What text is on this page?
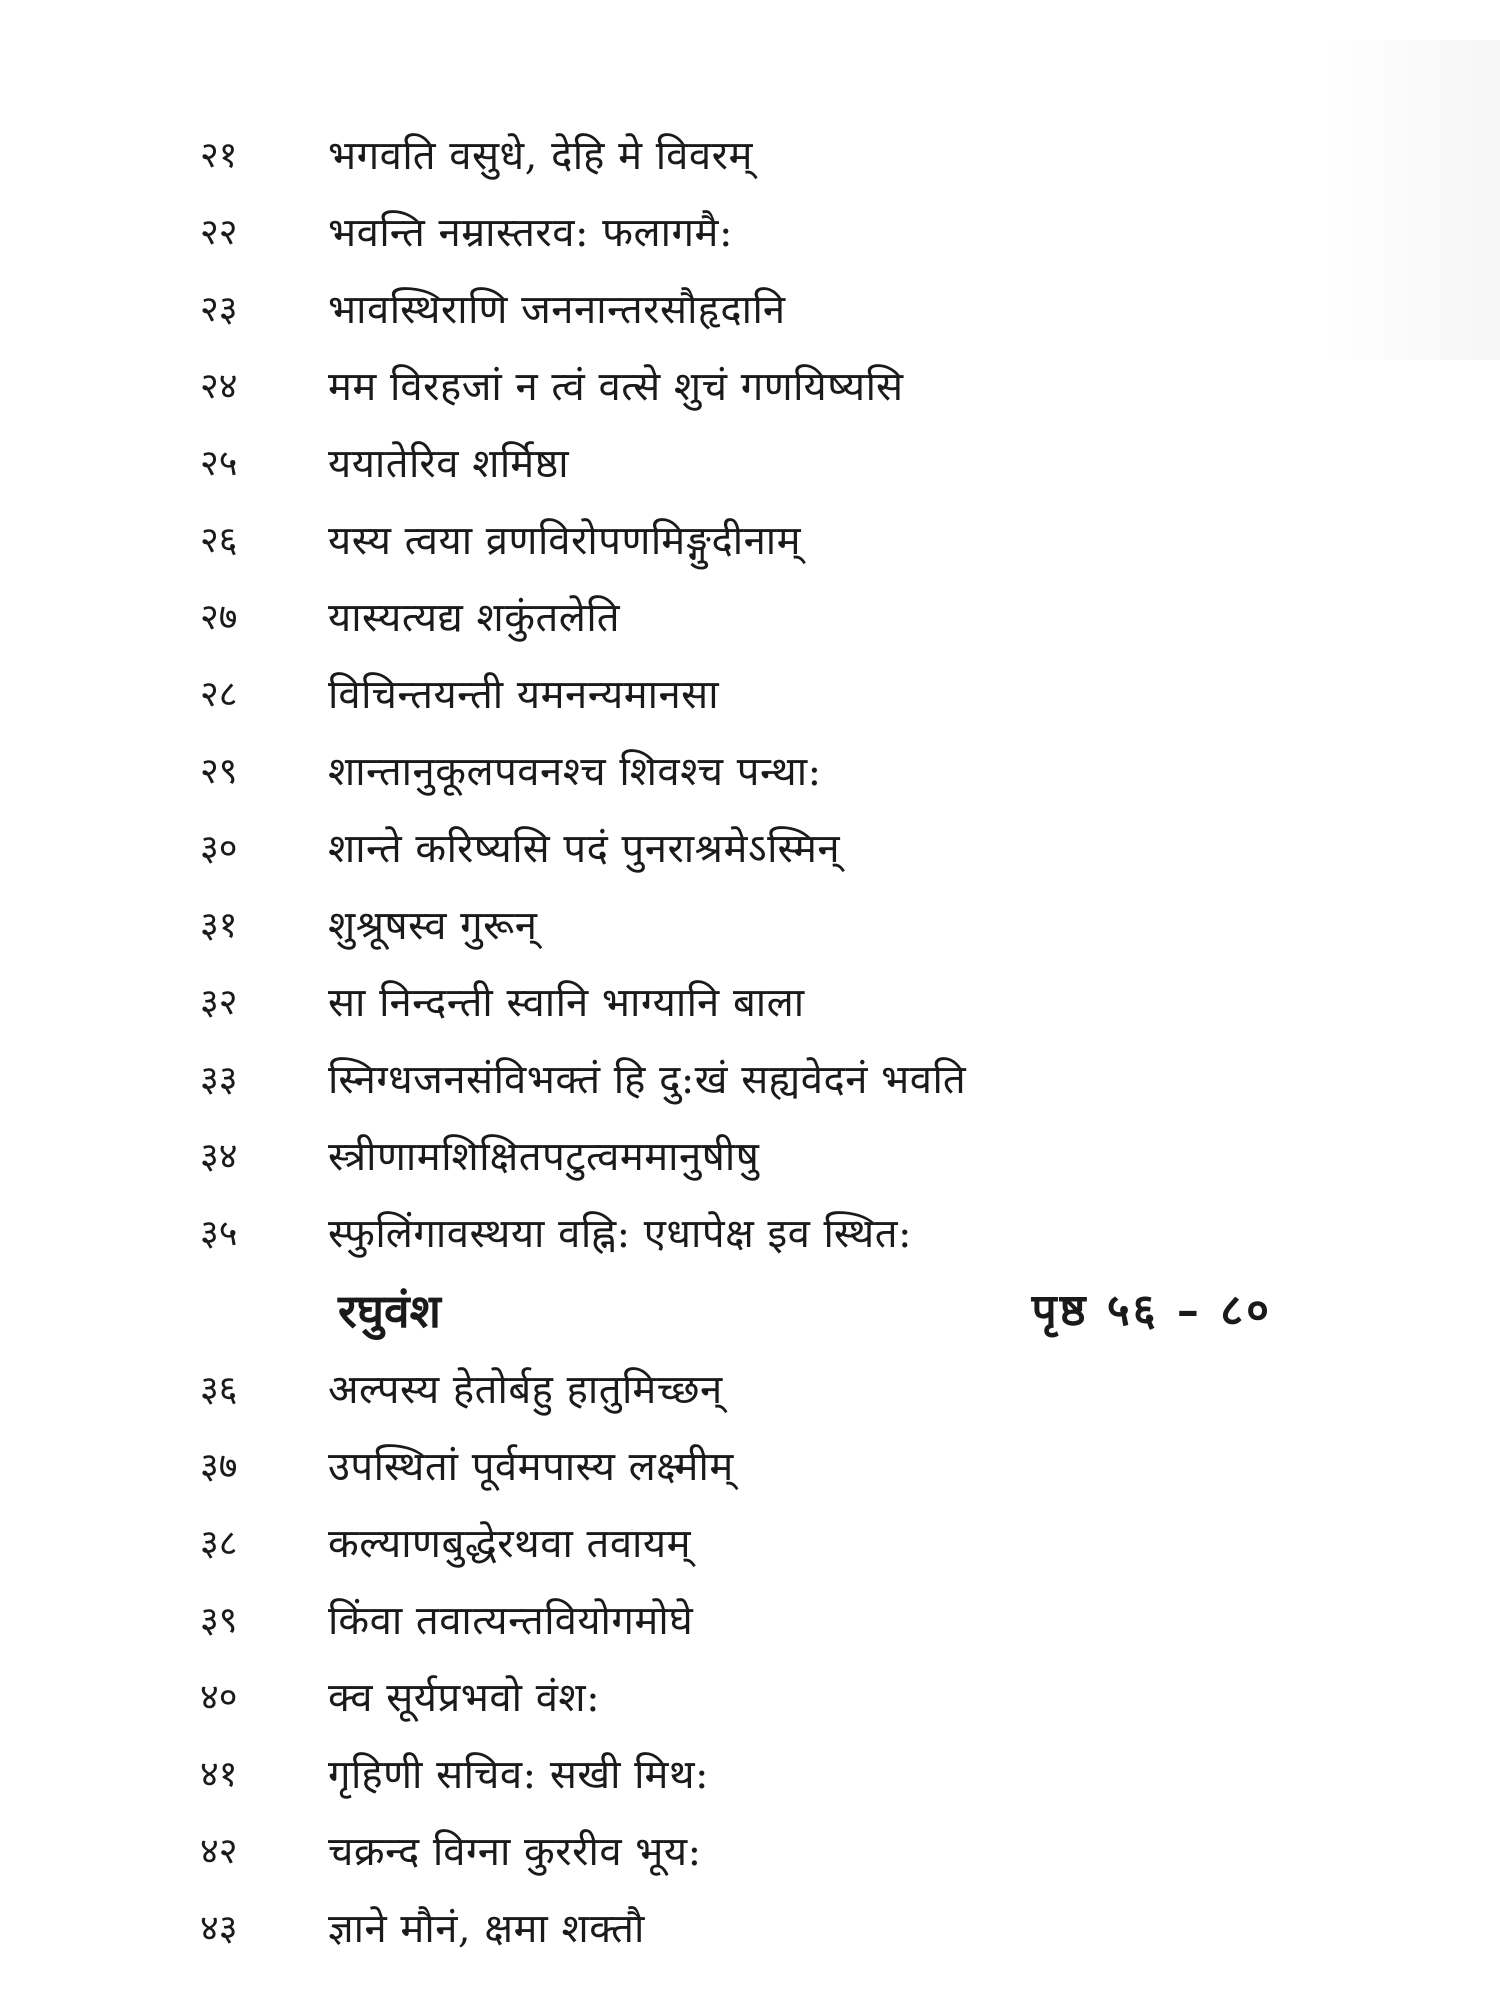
२१	भगवति वसुधे, देहि मे विवरम्
२२	भवन्ति नम्रास्तरव: फलागमै:
२३	भावस्थिराणि जननान्तरसौहृदानि
२४	मम विरहजां न त्वं वत्से शुचं गणयिष्यसि
२५	ययातेरिव शर्मिष्ठा
२६	यस्य त्वया व्रणविरोपणमिङ्गुदीनाम्
२७	यास्यत्यद्य शकुंतलेति
२८	विचिन्तयन्ती यमनन्यमानसा
२९	शान्तानुकूलपवनश्च शिवश्च पन्था:
३०	शान्ते करिष्यसि पदं पुनराश्रमेऽस्मिन्
३१	शुश्रूषस्व गुरून्
३२	सा निन्दन्ती स्वानि भाग्यानि बाला
३३	स्निग्धजनसंविभक्तं हि दु:खं सह्यवेदनं भवति
३४	स्त्रीणामशिक्षितपटुत्वममानुषीषु
३५	स्फुलिंगावस्थया वह्नि: एधापेक्ष इव स्थित:
रघुवंश	पृष्ठ ५६ – ८०
३६	अल्पस्य हेतोर्बहु हातुमिच्छन्
३७	उपस्थितां पूर्वमपास्य लक्ष्मीम्
३८	कल्याणबुद्धेरथवा तवायम्
३९	किंवा तवात्यन्तवियोगमोघे
४०	क्व सूर्यप्रभवो वंश:
४१	गृहिणी सचिव: सखी मिथ:
४२	चक्रन्द विग्ना कुररीव भूय:
४३	ज्ञाने मौनं, क्षमा शक्तौ
